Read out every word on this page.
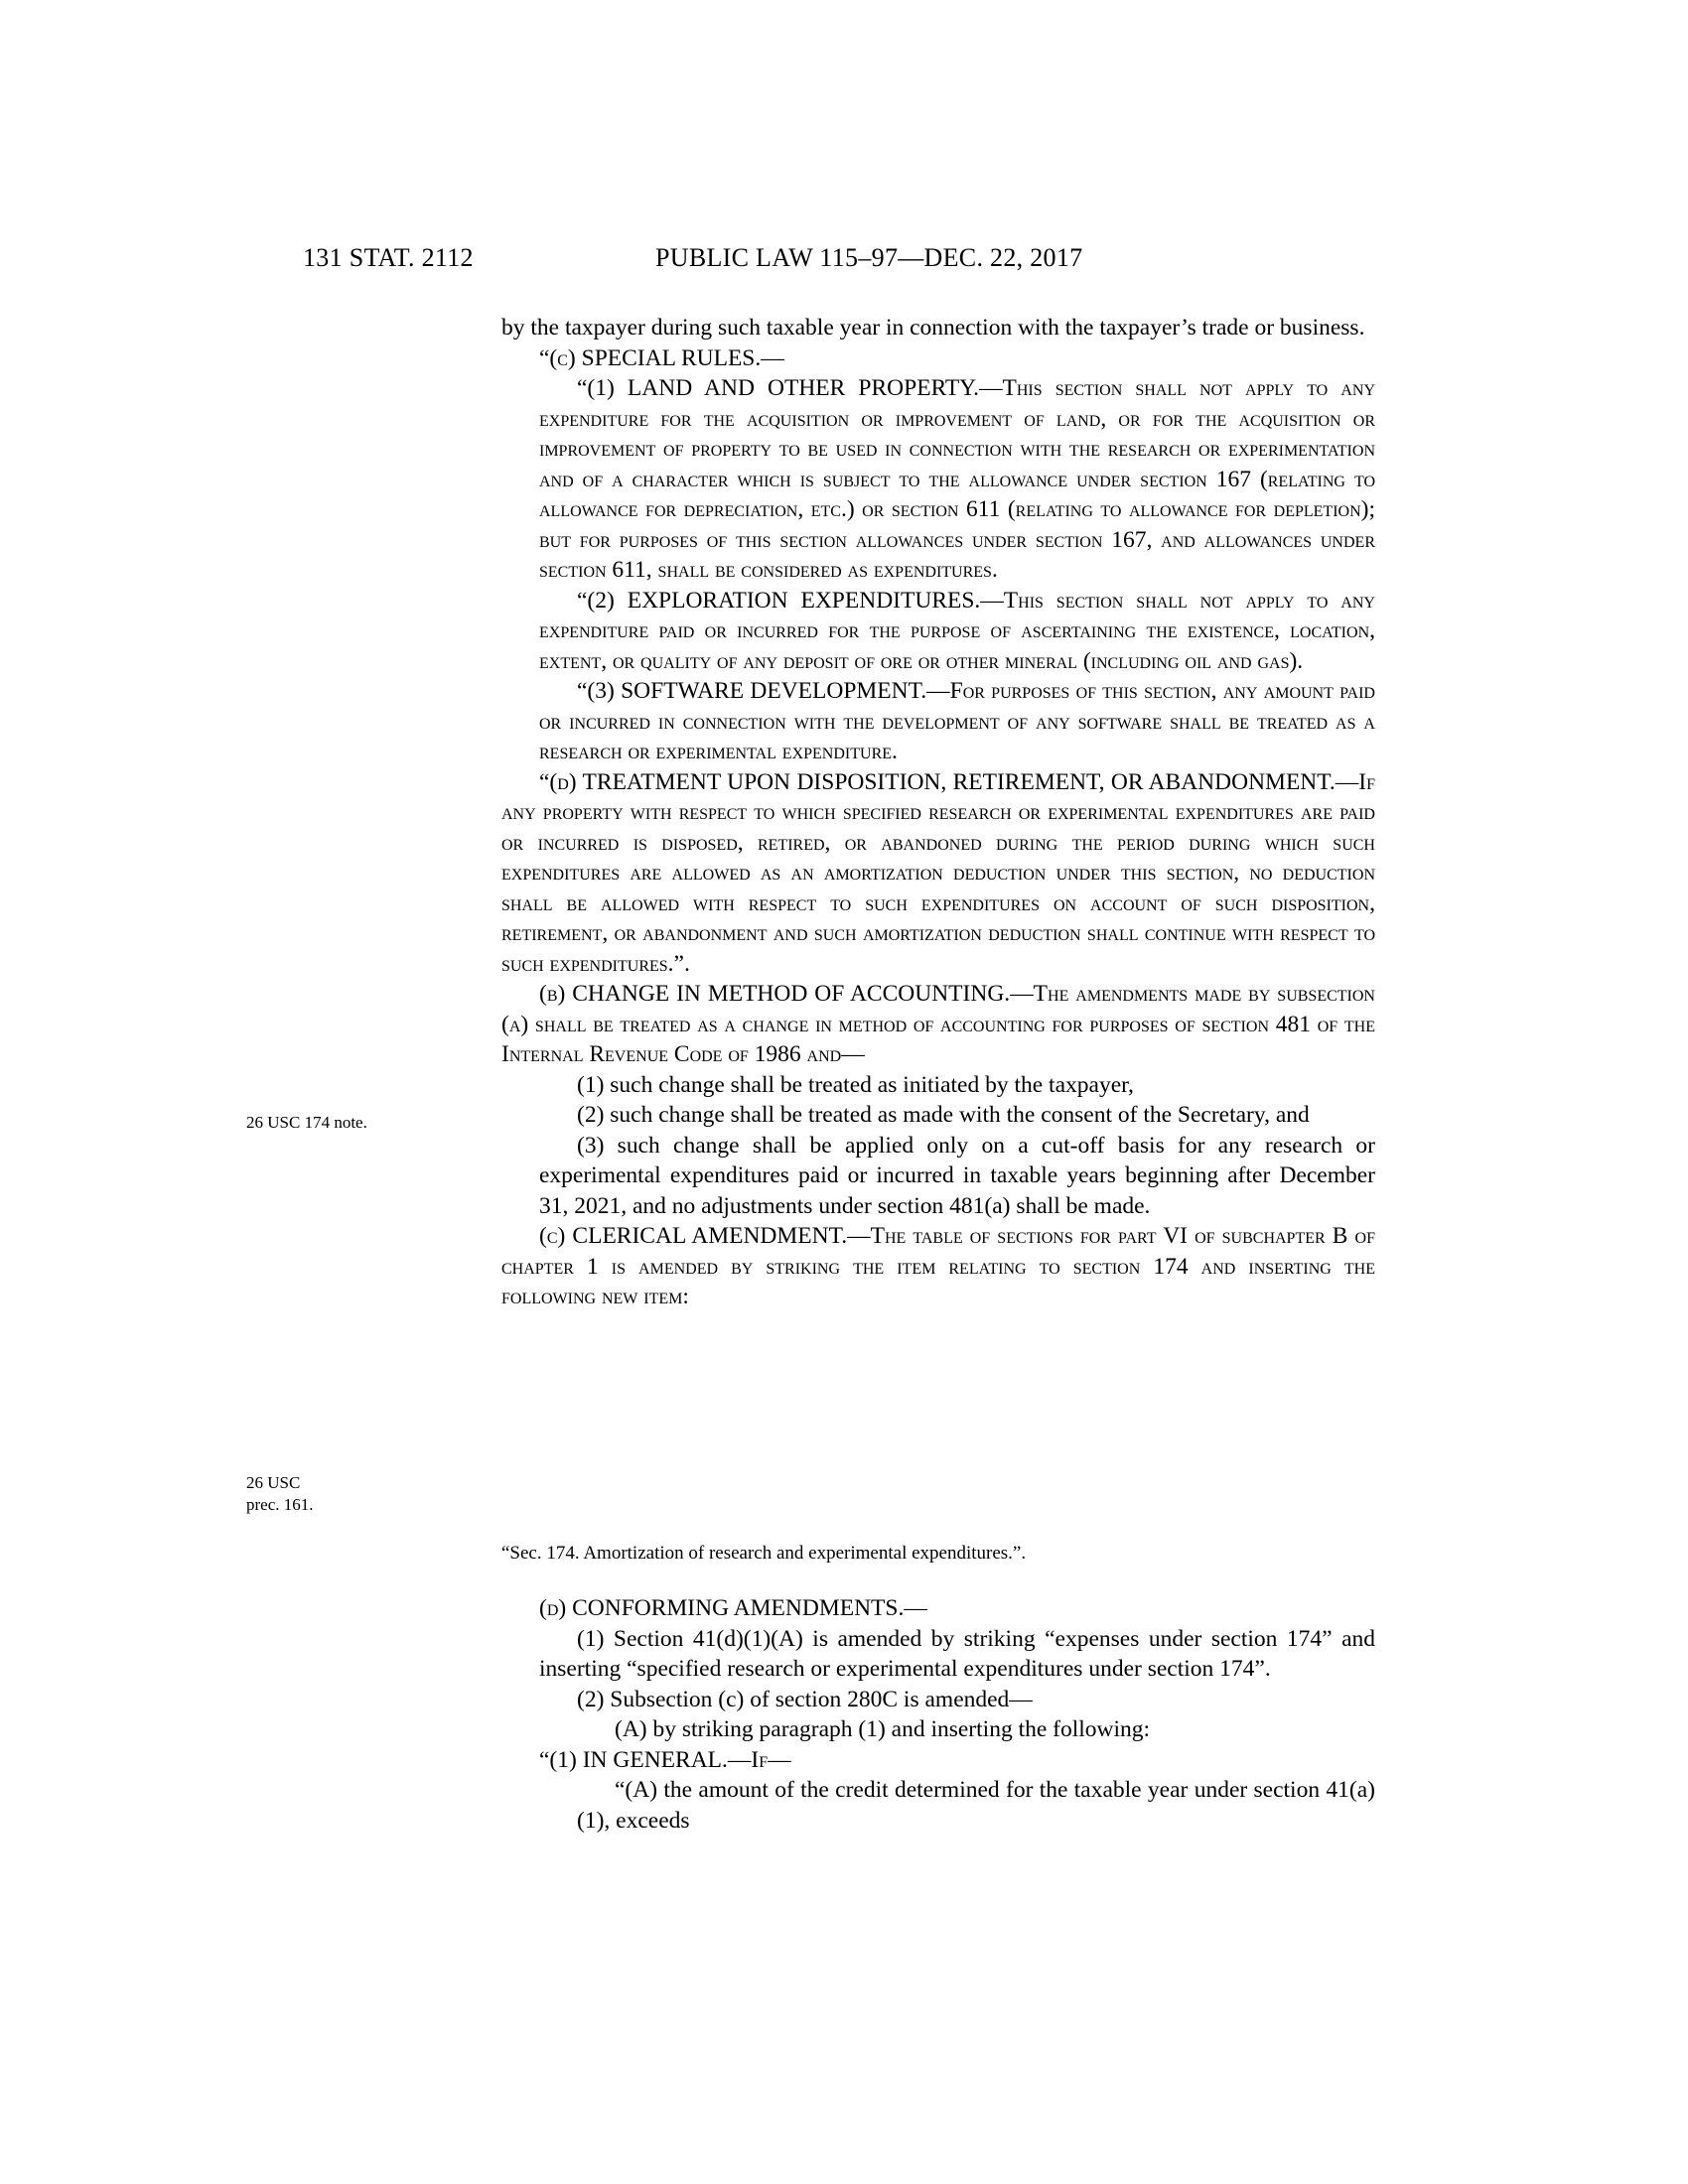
131 STAT. 2112	PUBLIC LAW 115–97—DEC. 22, 2017
26 USC 174 note.
26 USC
prec. 161.

by the taxpayer during such taxable year in connection with the taxpayer’s trade or business.

“(c) SPECIAL RULES.—

“(1) LAND AND OTHER PROPERTY.—This section shall not apply to any expenditure for the acquisition or improvement of land, or for the acquisition or improvement of property to be used in connection with the research or experimentation and of a character which is subject to the allowance under section 167 (relating to allowance for depreciation, etc.) or section 611 (relating to allowance for depletion); but for purposes of this section allowances under section 167, and allowances under section 611, shall be considered as expenditures.

“(2) EXPLORATION EXPENDITURES.—This section shall not apply to any expenditure paid or incurred for the purpose of ascertaining the existence, location, extent, or quality of any deposit of ore or other mineral (including oil and gas).

“(3) SOFTWARE DEVELOPMENT.—For purposes of this section, any amount paid or incurred in connection with the development of any software shall be treated as a research or experimental expenditure.

“(d) TREATMENT UPON DISPOSITION, RETIREMENT, OR ABANDONMENT.—If any property with respect to which specified research or experimental expenditures are paid or incurred is disposed, retired, or abandoned during the period during which such expenditures are allowed as an amortization deduction under this section, no deduction shall be allowed with respect to such expenditures on account of such disposition, retirement, or abandonment and such amortization deduction shall continue with respect to such expenditures.”.

(b) CHANGE IN METHOD OF ACCOUNTING.—The amendments made by subsection (a) shall be treated as a change in method of accounting for purposes of section 481 of the Internal Revenue Code of 1986 and—

(1) such change shall be treated as initiated by the taxpayer,

(2) such change shall be treated as made with the consent of the Secretary, and

(3) such change shall be applied only on a cut-off basis for any research or experimental expenditures paid or incurred in taxable years beginning after December 31, 2021, and no adjustments under section 481(a) shall be made.

(c) CLERICAL AMENDMENT.—The table of sections for part VI of subchapter B of chapter 1 is amended by striking the item relating to section 174 and inserting the following new item:

“Sec. 174. Amortization of research and experimental expenditures.”.

(d) CONFORMING AMENDMENTS.—

(1) Section 41(d)(1)(A) is amended by striking “expenses under section 174” and inserting “specified research or experimental expenditures under section 174”.

(2) Subsection (c) of section 280C is amended—

(A) by striking paragraph (1) and inserting the following:

“(1) IN GENERAL.—If—

“(A) the amount of the credit determined for the taxable year under section 41(a)(1), exceeds
